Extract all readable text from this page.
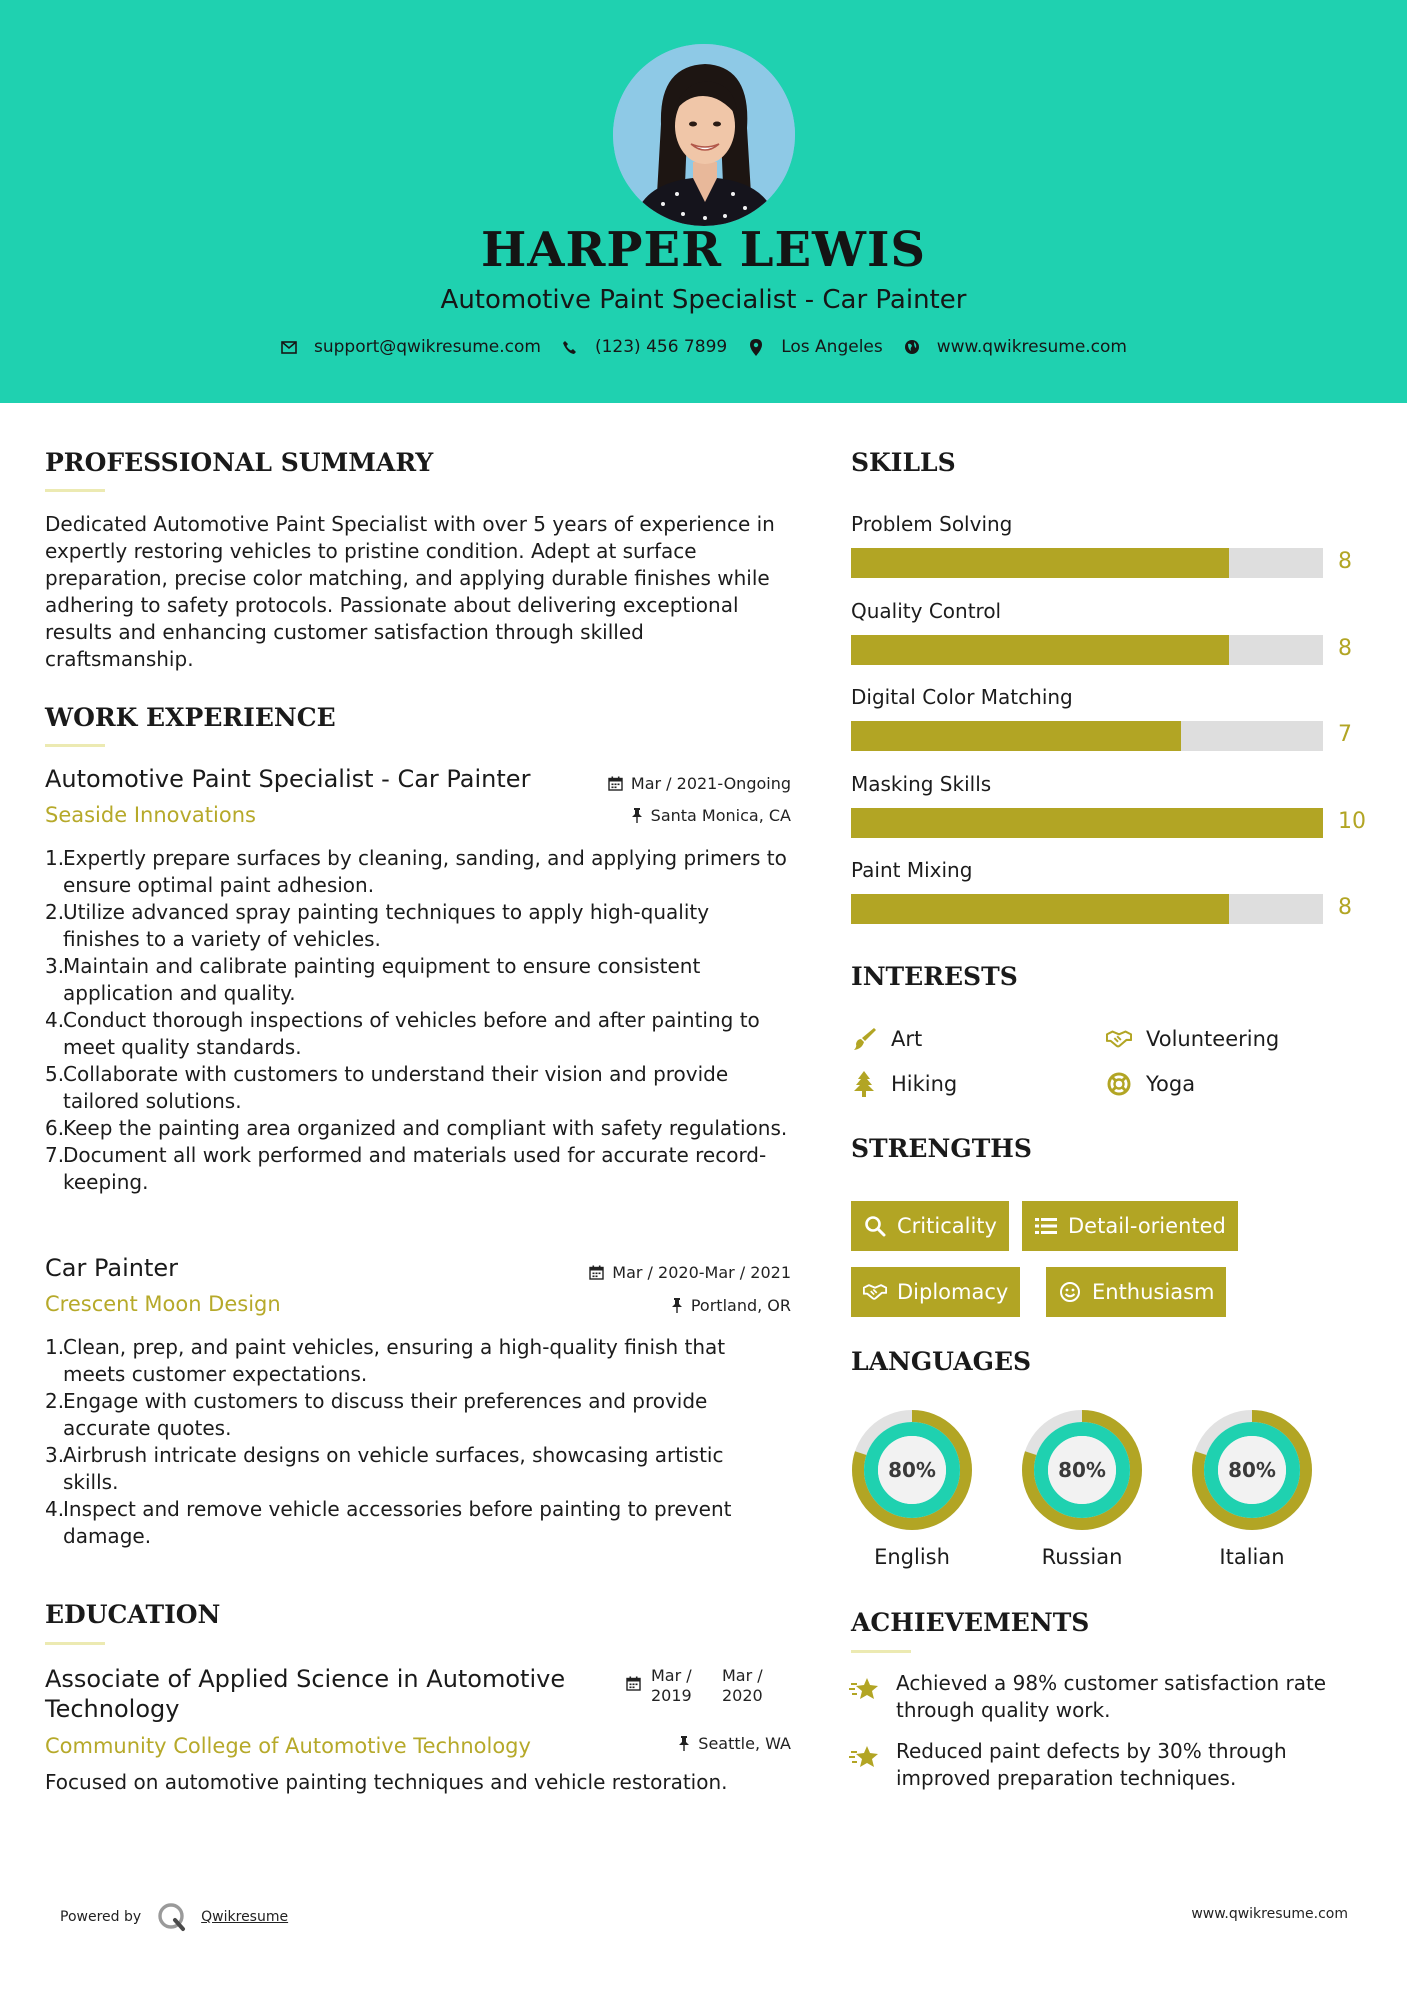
HARPER LEWIS
Automotive Paint Specialist - Car Painter
support@qwikresume.com	(123) 456 7899	Los Angeles	www.qwikresume.com
PROFESSIONAL SUMMARY
Dedicated Automotive Paint Specialist with over 5 years of experience in expertly restoring vehicles to pristine condition. Adept at surface preparation, precise color matching, and applying durable finishes while adhering to safety protocols. Passionate about delivering exceptional results and enhancing customer satisfaction through skilled craftsmanship.
WORK EXPERIENCE
Automotive Paint Specialist - Car Painter	Mar / 2021-Ongoing
Seaside Innovations	Santa Monica, CA
1.
Expertly prepare surfaces by cleaning, sanding, and applying primers to ensure optimal paint adhesion.
2.
Utilize advanced spray painting techniques to apply high-quality finishes to a variety of vehicles.
3.
Maintain and calibrate painting equipment to ensure consistent application and quality.
4.
Conduct thorough inspections of vehicles before and after painting to meet quality standards.
5.
Collaborate with customers to understand their vision and provide tailored solutions.
6.
Keep the painting area organized and compliant with safety regulations.
7.
Document all work performed and materials used for accurate record-keeping.
Car Painter	Mar / 2020-Mar / 2021
Crescent Moon Design	Portland, OR
1.
Clean, prep, and paint vehicles, ensuring a high-quality finish that meets customer expectations.
2.
Engage with customers to discuss their preferences and provide accurate quotes.
3.
Airbrush intricate designs on vehicle surfaces, showcasing artistic skills.
4.
Inspect and remove vehicle accessories before painting to prevent damage.
EDUCATION
Associate of Applied Science in Automotive Technology
Mar /
2019
Mar /
2020
Community College of Automotive Technology	Seattle, WA
Focused on automotive painting techniques and vehicle restoration.
SKILLS
Problem Solving
8
Quality Control
8
Digital Color Matching
7
Masking Skills
10
Paint Mixing
8
INTERESTS
Art	Volunteering
Hiking	Yoga
STRENGTHS
Criticality	Detail-oriented
Diplomacy	Enthusiasm
LANGUAGES
80%
English
80%
Russian
80%
Italian
ACHIEVEMENTS
Achieved a 98% customer satisfaction rate through quality work.
Reduced paint defects by 30% through improved preparation techniques.
Powered by	Qwikresume	www.qwikresume.com
